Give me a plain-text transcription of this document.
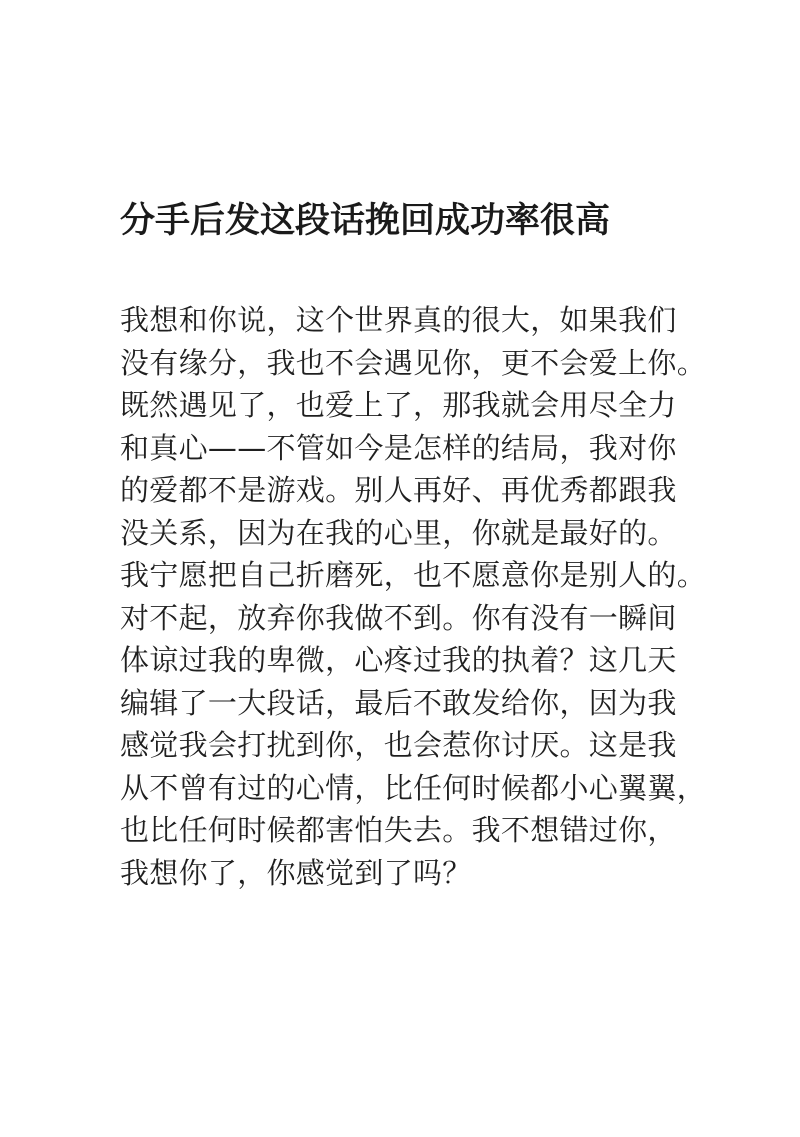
分手后发这段话挽回成功率很高
我想和你说，这个世界真的很大，如果我们
没有缘分，我也不会遇见你，更不会爱上你。
既然遇见了，也爱上了，那我就会用尽全力
和真心——不管如今是怎样的结局，我对你
的爱都不是游戏。别人再好、再优秀都跟我
没关系，因为在我的心里，你就是最好的。
我宁愿把自己折磨死，也不愿意你是别人的。
对不起，放弃你我做不到。你有没有一瞬间
体谅过我的卑微，心疼过我的执着？这几天
编辑了一大段话，最后不敢发给你，因为我
感觉我会打扰到你，也会惹你讨厌。这是我
从不曾有过的心情，比任何时候都小心翼翼，
也比任何时候都害怕失去。我不想错过你，
我想你了，你感觉到了吗？
